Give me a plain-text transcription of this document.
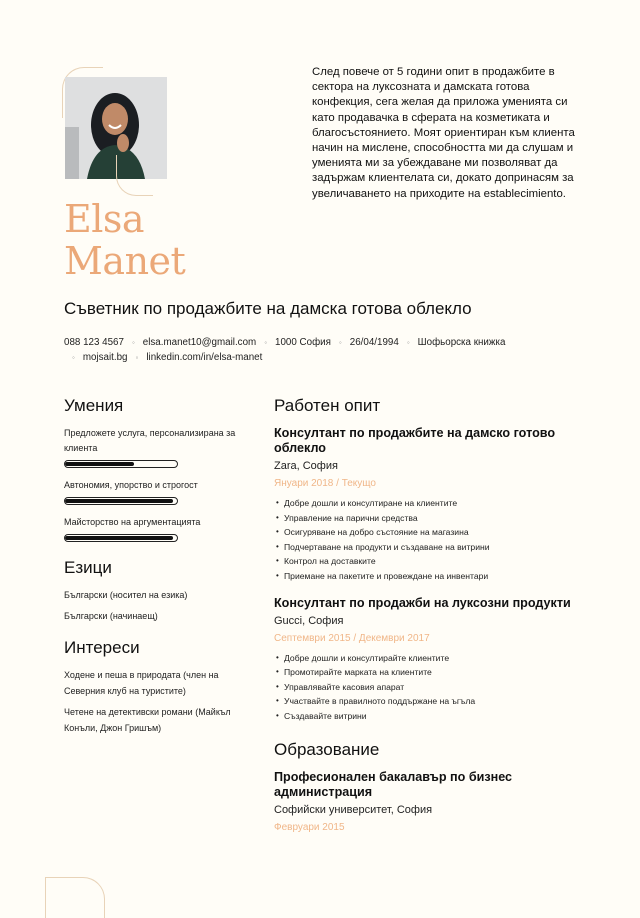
Elsa
Manet
След повече от 5 години опит в продажбите в сектора на луксозната и дамската готова конфекция, сега желая да приложа уменията си като продавачка в сферата на козметиката и благосъстоянието. Моят ориентиран към клиента начин на мислене, способността ми да слушам и уменията ми за убеждаване ми позволяват да задържам клиентелата си, докато допринасям за увеличаването на приходите на establecimiento.
Съветник по продажбите на дамска готова облекло
088 123 4567 ◦ elsa.manet10@gmail.com ◦ 1000 София ◦ 26/04/1994 ◦ Шофьорска книжка
◦ mojsait.bg ◦ linkedin.com/in/elsa-manet
Умения
Предложете услуга, персонализирана за клиента
Автономия, упорство и строгост
Майсторство на аргументацията
Езици
Български (носител на езика)
Български (начинаещ)
Интереси
Ходене и пеша в природата (член на Северния клуб на туристите)
Четене на детективски романи (Майкъл Конъли, Джон Гришъм)
Работен опит
Консултант по продажбите на дамско готово облекло
Zara, София
Януари 2018 / Текущо
• Добре дошли и консултиране на клиентите
• Управление на парични средства
• Осигуряване на добро състояние на магазина
• Подчертаване на продукти и създаване на витрини
• Контрол на доставките
• Приемане на пакетите и провеждане на инвентари
Консултант по продажби на луксозни продукти
Gucci, София
Септември 2015 / Декември 2017
• Добре дошли и консултирайте клиентите
• Промотирайте марката на клиентите
• Управлявайте касовия апарат
• Участвайте в правилното поддържане на ъгъла
• Създавайте витрини
Образование
Професионален бакалавър по бизнес администрация
Софийски университет, София
Февруари 2015
